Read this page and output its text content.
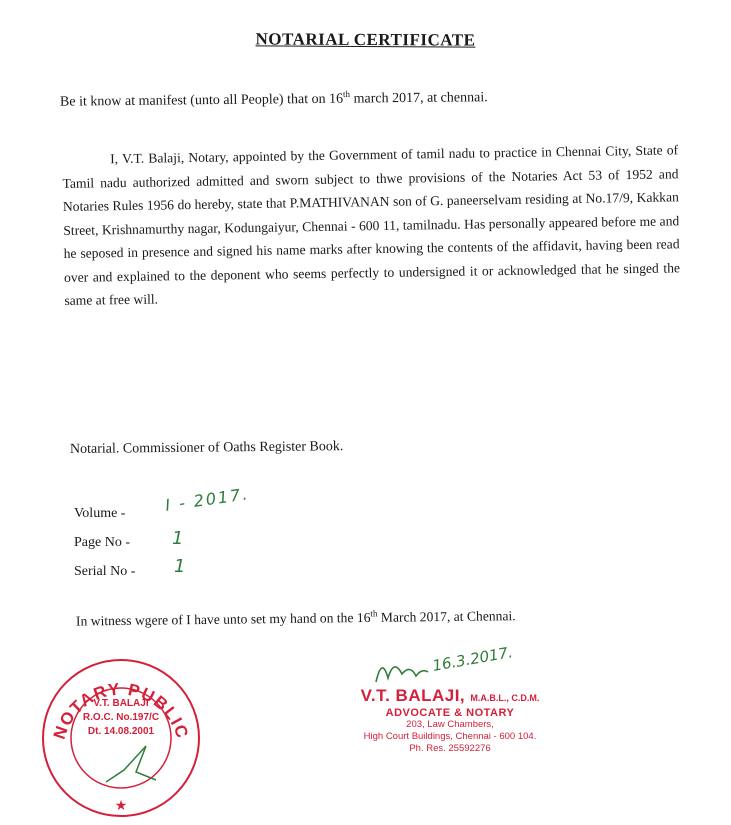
NOTARIAL CERTIFICATE
Be it know at manifest (unto all People) that on 16th march 2017, at chennai.
I, V.T. Balaji, Notary, appointed by the Government of tamil nadu to practice in Chennai City, State of Tamil nadu authorized admitted and sworn subject to thwe provisions of the Notaries Act 53 of 1952 and Notaries Rules 1956 do hereby, state that P.MATHIVANAN son of G. paneerselvam residing at No.17/9, Kakkan Street, Krishnamurthy nagar, Kodungaiyur, Chennai - 600 11, tamilnadu. Has personally appeared before me and he seposed in presence and signed his name marks after knowing the contents of the affidavit, having been read over and explained to the deponent who seems perfectly to undersigned it or acknowledged that he singed the same at free will.
Notarial. Commissioner of Oaths Register Book.
Volume - I - 2017.
Page No - 1
Serial No - 1
In witness wgere of I have unto set my hand on the 16th March 2017, at Chennai.
NOTARY PUBLIC
★
V.T. BALAJI
R.O.C. No.197/C
Dt. 14.08.2001
16.3.2017.
V.T. BALAJI, M.A.B.L., C.D.M.
ADVOCATE & NOTARY
203, Law Chambers,
High Court Buildings, Chennai - 600 104.
Ph. Res. 25592276
